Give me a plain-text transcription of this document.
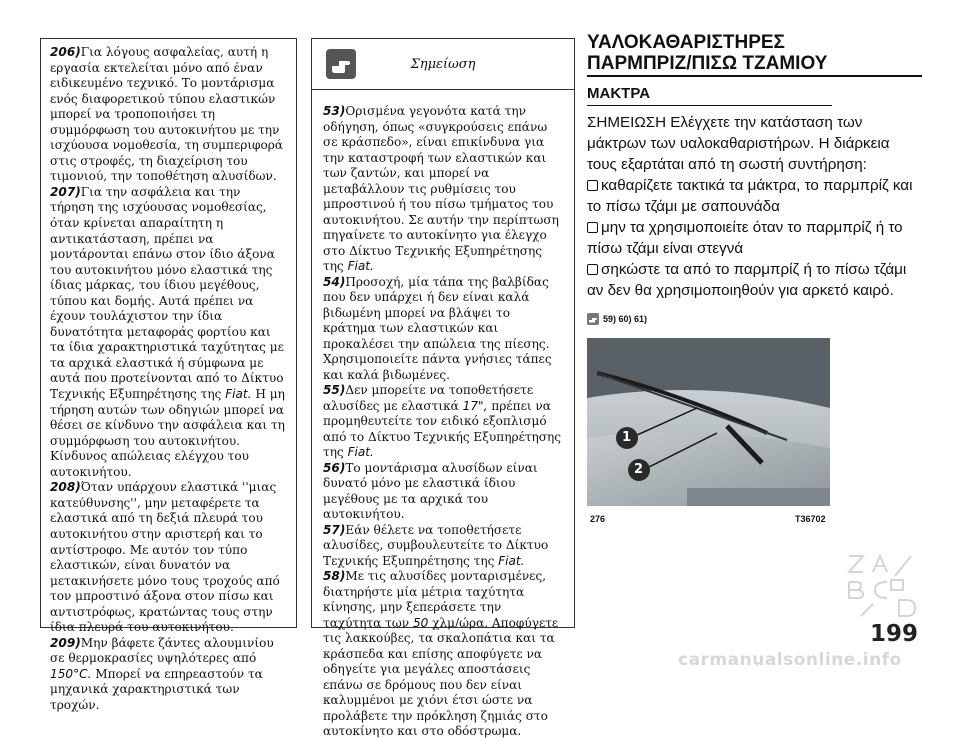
206)Για λόγους ασφαλείας, αυτή η εργασία εκτελείται μόνο από έναν ειδικευμένο τεχνικό. Το μοντάρισμα ενός διαφορετικού τύπου ελαστικών μπορεί να τροποποιήσει τη συμμόρφωση του αυτοκινήτου με την ισχύουσα νομοθεσία, τη συμπεριφορά στις στροφές, τη διαχείριση του τιμονιού, την τοποθέτηση αλυσίδων.

207)Για την ασφάλεια και την τήρηση της ισχύουσας νομοθεσίας, όταν κρίνεται απαραίτητη η αντικατάσταση, πρέπει να μοντάρονται επάνω στον ίδιο άξονα του αυτοκινήτου μόνο ελαστικά της ίδιας μάρκας, του ίδιου μεγέθους, τύπου και δομής. Αυτά πρέπει να έχουν τουλάχιστον την ίδια δυνατότητα μεταφοράς φορτίου και τα ίδια χαρακτηριστικά ταχύτητας με τα αρχικά ελαστικά ή σύμφωνα με αυτά που προτείνονται από το Δίκτυο Τεχνικής Εξυπηρέτησης της Fiat. Η μη τήρηση αυτών των οδηγιών μπορεί να θέσει σε κίνδυνο την ασφάλεια και τη συμμόρφωση του αυτοκινήτου. Κίνδυνος απώλειας ελέγχου του αυτοκινήτου.

208)Όταν υπάρχουν ελαστικά ''μιας κατεύθυνσης'', μην μεταφέρετε τα ελαστικά από τη δεξιά πλευρά του αυτοκινήτου στην αριστερή και το αντίστροφο. Με αυτόν τον τύπο ελαστικών, είναι δυνατόν να μετακινήσετε μόνο τους τροχούς από τον μπροστινό άξονα στον πίσω και αντιστρόφως, κρατώντας τους στην ίδια πλευρά του αυτοκινήτου.

209)Μην βάφετε ζάντες αλουμινίου σε θερμοκρασίες υψηλότερες από 150°C. Μπορεί να επηρεαστούν τα μηχανικά χαρακτηριστικά των τροχών.

Σημείωση

53)Ορισμένα γεγονότα κατά την οδήγηση, όπως «συγκρούσεις επάνω σε κράσπεδο», είναι επικίνδυνα για την καταστροφή των ελαστικών και των ζαντών, και μπορεί να μεταβάλλουν τις ρυθμίσεις του μπροστινού ή του πίσω τμήματος του αυτοκινήτου. Σε αυτήν την περίπτωση πηγαίνετε το αυτοκίνητο για έλεγχο στο Δίκτυο Τεχνικής Εξυπηρέτησης της Fiat.

54)Προσοχή, μία τάπα της βαλβίδας που δεν υπάρχει ή δεν είναι καλά βιδωμένη μπορεί να βλάψει το κράτημα των ελαστικών και προκαλέσει την απώλεια της πίεσης. Χρησιμοποιείτε πάντα γνήσιες τάπες και καλά βιδωμένες.

55)Δεν μπορείτε να τοποθετήσετε αλυσίδες με ελαστικά 17", πρέπει να προμηθευτείτε τον ειδικό εξοπλισμό από το Δίκτυο Τεχνικής Εξυπηρέτησης της Fiat.

56)Το μοντάρισμα αλυσίδων είναι δυνατό μόνο με ελαστικά ίδιου μεγέθους με τα αρχικά του αυτοκινήτου.

57)Εάν θέλετε να τοποθετήσετε αλυσίδες, συμβουλευτείτε το Δίκτυο Τεχνικής Εξυπηρέτησης της Fiat.

58)Με τις αλυσίδες μονταρισμένες, διατηρήστε μία μέτρια ταχύτητα κίνησης, μην ξεπεράσετε την ταχύτητα των 50 χλμ/ώρα. Αποφύγετε τις λακκούβες, τα σκαλοπάτια και τα κράσπεδα και επίσης αποφύγετε να οδηγείτε για μεγάλες αποστάσεις επάνω σε δρόμους που δεν είναι καλυμμένοι με χιόνι έτσι ώστε να προλάβετε την πρόκληση ζημιάς στο αυτοκίνητο και στο οδόστρωμα.

ΥΑΛΟΚΑΘΑΡΙΣΤΗΡΕΣ
ΠΑΡΜΠΡΙΖ/ΠΙΣΩ ΤΖΑΜΙΟΥ
ΜΑΚΤΡΑ
ΣΗΜΕΙΩΣΗ Ελέγχετε την κατάσταση των μάκτρων των υαλοκαθαριστήρων. Η διάρκεια τους εξαρτάται από τη σωστή συντήρηση:
καθαρίζετε τακτικά τα μάκτρα, το παρμπρίζ και το πίσω τζάμι με σαπουνάδα
μην τα χρησιμοποιείτε όταν το παρμπρίζ ή το πίσω τζάμι είναι στεγνά
σηκώστε τα από το παρμπρίζ ή το πίσω τζάμι αν δεν θα χρησιμοποιηθούν για αρκετό καιρό.
59) 60) 61)
1
2
276	T36702
199
carmanualsonline.info
